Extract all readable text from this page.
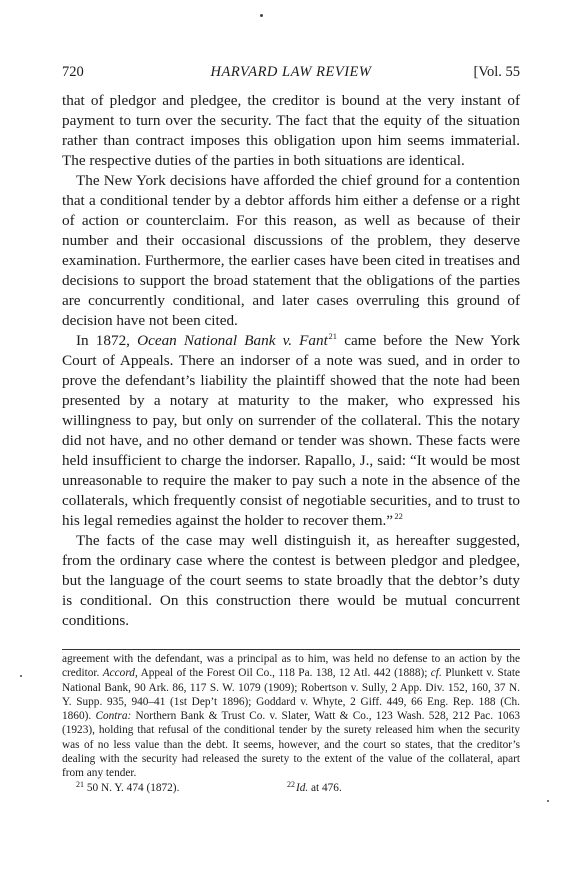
720	HARVARD LAW REVIEW	[Vol. 55

that of pledgor and pledgee, the creditor is bound at the very instant of payment to turn over the security. The fact that the equity of the situation rather than contract imposes this obligation upon him seems immaterial. The respective duties of the parties in both situations are identical.

The New York decisions have afforded the chief ground for a contention that a conditional tender by a debtor affords him either a defense or a right of action or counterclaim. For this reason, as well as because of their number and their occasional discussions of the problem, they deserve examination. Furthermore, the earlier cases have been cited in treatises and decisions to support the broad statement that the obligations of the parties are concurrently conditional, and later cases overruling this ground of decision have not been cited.

In 1872, Ocean National Bank v. Fant $^{21}$ came before the New York Court of Appeals. There an indorser of a note was sued, and in order to prove the defendant’s liability the plaintiff showed that the note had been presented by a notary at maturity to the maker, who expressed his willingness to pay, but only on surrender of the collateral. This the notary did not have, and no other demand or tender was shown. These facts were held insufficient to charge the indorser. Rapallo, J., said: “It would be most unreasonable to require the maker to pay such a note in the absence of the collaterals, which frequently consist of negotiable securities, and to trust to his legal remedies against the holder to recover them.” $^{22}$

The facts of the case may well distinguish it, as hereafter suggested, from the ordinary case where the contest is between pledgor and pledgee, but the language of the court seems to state broadly that the debtor’s duty is conditional. On this construction there would be mutual concurrent conditions.

agreement with the defendant, was a principal as to him, was held no defense to an action by the creditor. Accord, Appeal of the Forest Oil Co., 118 Pa. 138, 12 Atl. 442 (1888); cf. Plunkett v. State National Bank, 90 Ark. 86, 117 S. W. 1079 (1909); Robertson v. Sully, 2 App. Div. 152, 160, 37 N. Y. Supp. 935, 940–41 (1st Dep’t 1896); Goddard v. Whyte, 2 Giff. 449, 66 Eng. Rep. 188 (Ch. 1860). Contra: Northern Bank & Trust Co. v. Slater, Watt & Co., 123 Wash. 528, 212 Pac. 1063 (1923), holding that refusal of the conditional tender by the surety released him when the security was of no less value than the debt. It seems, however, and the court so states, that the creditor’s dealing with the security had released the surety to the extent of the value of the collateral, apart from any tender.

$^{21}$ 50 N. Y. 474 (1872).	$^{22}$ Id. at 476.
